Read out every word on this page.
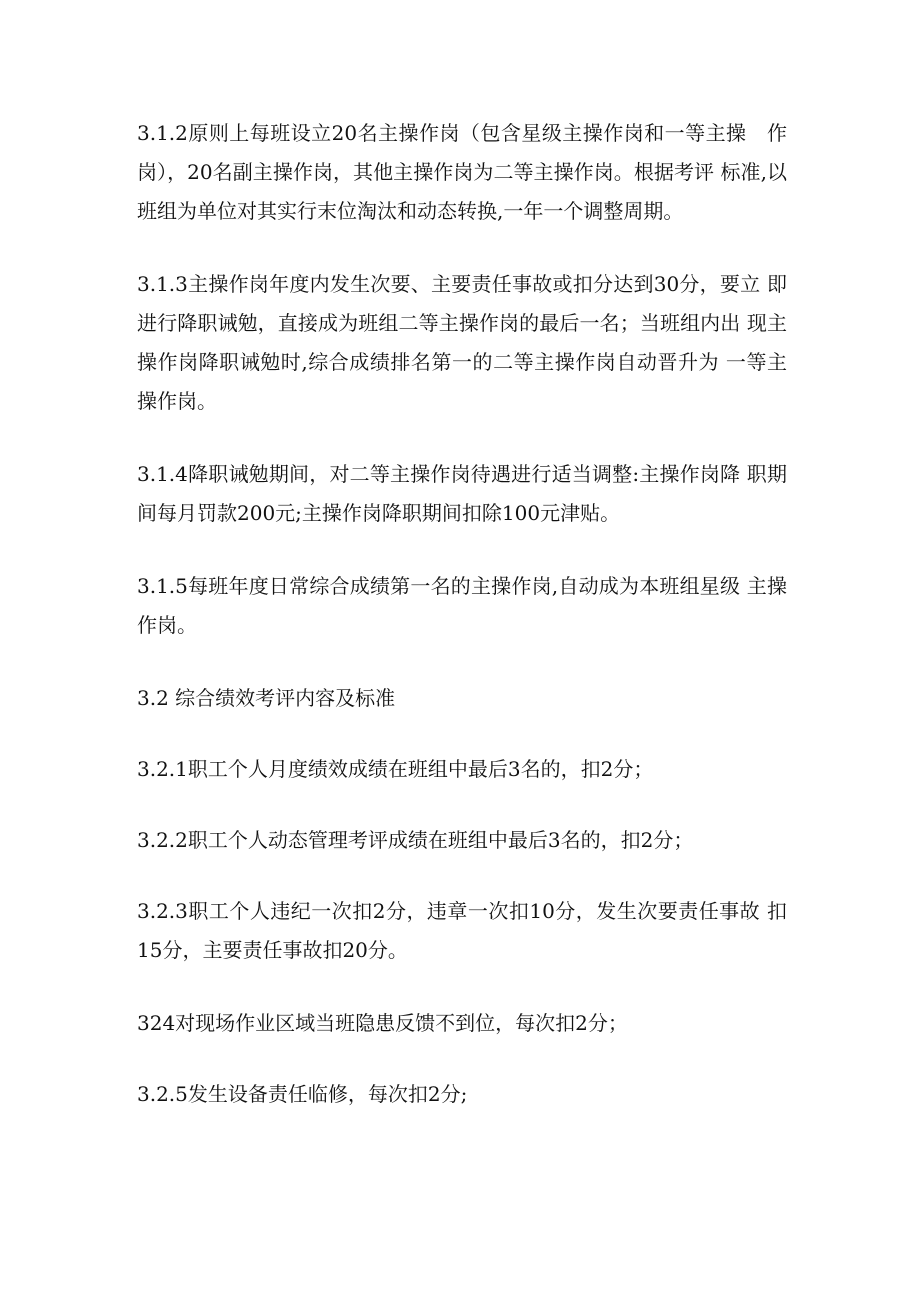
3.1.2原则上每班设立20名主操作岗（包含星级主操作岗和一等主操　作岗），20名副主操作岗，其他主操作岗为二等主操作岗。根据考评 标准,以班组为单位对其实行末位淘汰和动态转换,一年一个调整周期。

3.1.3主操作岗年度内发生次要、主要责任事故或扣分达到30分，要立 即进行降职诫勉，直接成为班组二等主操作岗的最后一名；当班组内出 现主操作岗降职诫勉时,综合成绩排名第一的二等主操作岗自动晋升为 一等主操作岗。

3.1.4降职诫勉期间，对二等主操作岗待遇进行适当调整:主操作岗降 职期间每月罚款200元;主操作岗降职期间扣除100元津贴。

3.1.5每班年度日常综合成绩第一名的主操作岗,自动成为本班组星级 主操作岗。

3.2 综合绩效考评内容及标准

3.2.1职工个人月度绩效成绩在班组中最后3名的，扣2分；

3.2.2职工个人动态管理考评成绩在班组中最后3名的，扣2分；

3.2.3职工个人违纪一次扣2分，违章一次扣10分，发生次要责任事故 扣15分，主要责任事故扣20分。

324对现场作业区域当班隐患反馈不到位，每次扣2分；

3.2.5发生设备责任临修，每次扣2分;
